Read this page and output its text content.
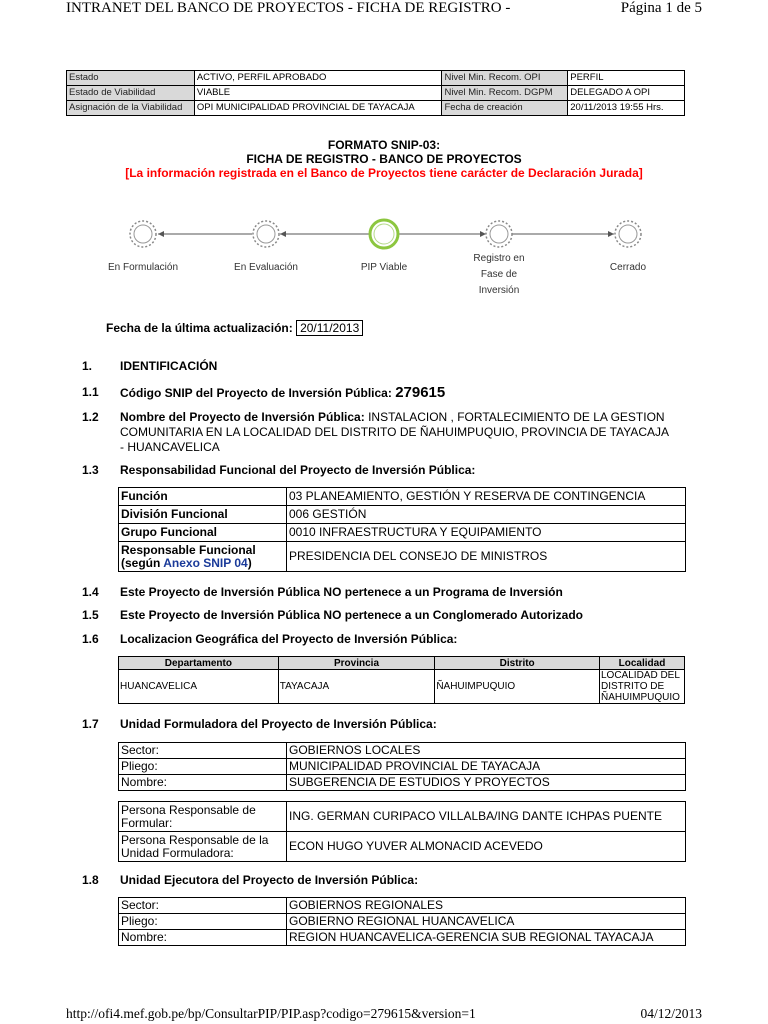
INTRANET DEL BANCO DE PROYECTOS - FICHA DE REGISTRO -	Página 1 de 5
Estado	ACTIVO, PERFIL APROBADO	Nivel Min. Recom. OPI	PERFIL
Estado de Viabilidad	VIABLE	Nivel Min. Recom. DGPM	DELEGADO A OPI
Asignación de la Viabilidad	OPI MUNICIPALIDAD PROVINCIAL DE TAYACAJA	Fecha de creación	20/11/2013 19:55 Hrs.
FORMATO SNIP-03:
FICHA DE REGISTRO - BANCO DE PROYECTOS
[La información registrada en el Banco de Proyectos tiene carácter de Declaración Jurada]
En Formulación	En Evaluación	PIP Viable
Registro en Fase de Inversión
Cerrado
Fecha de la última actualización: 20/11/2013
1. IDENTIFICACIÓN
1.1 Código SNIP del Proyecto de Inversión Pública: 279615
1.2 Nombre del Proyecto de Inversión Pública: INSTALACION , FORTALECIMIENTO DE LA GESTION
COMUNITARIA EN LA LOCALIDAD DEL DISTRITO DE ÑAHUIMPUQUIO, PROVINCIA DE TAYACAJA
- HUANCAVELICA
1.3 Responsabilidad Funcional del Proyecto de Inversión Pública:
Función	03 PLANEAMIENTO, GESTIÓN Y RESERVA DE CONTINGENCIA
División Funcional	006 GESTIÓN
Grupo Funcional	0010 INFRAESTRUCTURA Y EQUIPAMIENTO
Responsable Funcional
(según Anexo SNIP 04)	PRESIDENCIA DEL CONSEJO DE MINISTROS
1.4 Este Proyecto de Inversión Pública NO pertenece a un Programa de Inversión
1.5 Este Proyecto de Inversión Pública NO pertenece a un Conglomerado Autorizado
1.6 Localizacion Geográfica del Proyecto de Inversión Pública:
Departamento	Provincia	Distrito	Localidad
HUANCAVELICA	TAYACAJA	ÑAHUIMPUQUIO	LOCALIDAD DEL
DISTRITO DE
ÑAHUIMPUQUIO
1.7 Unidad Formuladora del Proyecto de Inversión Pública:
Sector:	GOBIERNOS LOCALES
Pliego:	MUNICIPALIDAD PROVINCIAL DE TAYACAJA
Nombre:	SUBGERENCIA DE ESTUDIOS Y PROYECTOS
Persona Responsable de
Formular:	ING. GERMAN CURIPACO VILLALBA/ING DANTE ICHPAS PUENTE
Persona Responsable de la
Unidad Formuladora:	ECON HUGO YUVER ALMONACID ACEVEDO
1.8 Unidad Ejecutora del Proyecto de Inversión Pública:
Sector:	GOBIERNOS REGIONALES
Pliego:	GOBIERNO REGIONAL HUANCAVELICA
Nombre:	REGION HUANCAVELICA-GERENCIA SUB REGIONAL TAYACAJA
http://ofi4.mef.gob.pe/bp/ConsultarPIP/PIP.asp?codigo=279615&version=1	04/12/2013
